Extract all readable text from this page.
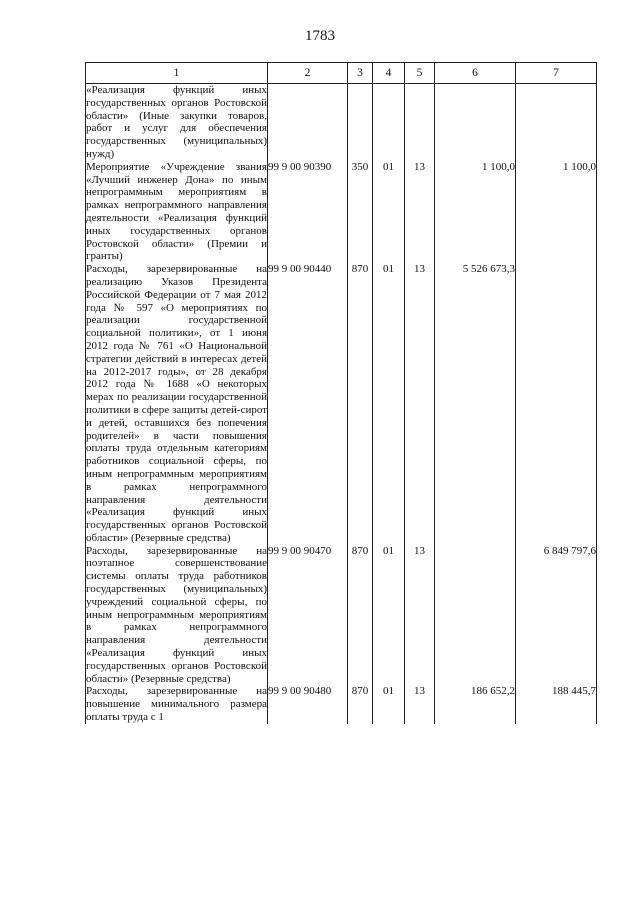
1783
1	2	3	4	5	6	7
«Реализация функций иных государственных органов Ростовской области» (Иные закупки товаров, работ и услуг для обеспечения государственных (муниципальных) нужд)						
Мероприятие «Учреждение звания «Лучший инженер Дона» по иным непрограммным мероприятиям в рамках непрограммного направления деятельности «Реализация функций иных государственных органов Ростовской области» (Премии и гранты)	99 9 00 90390	350	01	13	1 100,0	1 100,0
Расходы, зарезервированные на реализацию Указов Президента Российской Федерации от 7 мая 2012 года № 597 «О мероприятиях по реализации государственной социальной политики», от 1 июня 2012 года № 761 «О Национальной стратегии действий в интересах детей на 2012-2017 годы», от 28 декабря 2012 года № 1688 «О некоторых мерах по реализации государственной политики в сфере защиты детей-сирот и детей, оставшихся без попечения родителей» в части повышения оплаты труда отдельным категориям работников социальной сферы, по иным непрограммным мероприятиям в рамках непрограммного направления деятельности «Реализация функций иных государственных органов Ростовской области» (Резервные средства)	99 9 00 90440	870	01	13	5 526 673,3	
Расходы, зарезервированные на поэтапное совершенствование системы оплаты труда работников государственных (муниципальных) учреждений социальной сферы, по иным непрограммным мероприятиям в рамках непрограммного направления деятельности «Реализация функций иных государственных органов Ростовской области» (Резервные средства)	99 9 00 90470	870	01	13		6 849 797,6
Расходы, зарезервированные на повышение минимального размера оплаты труда с 1	99 9 00 90480	870	01	13	186 652,2	188 445,7
